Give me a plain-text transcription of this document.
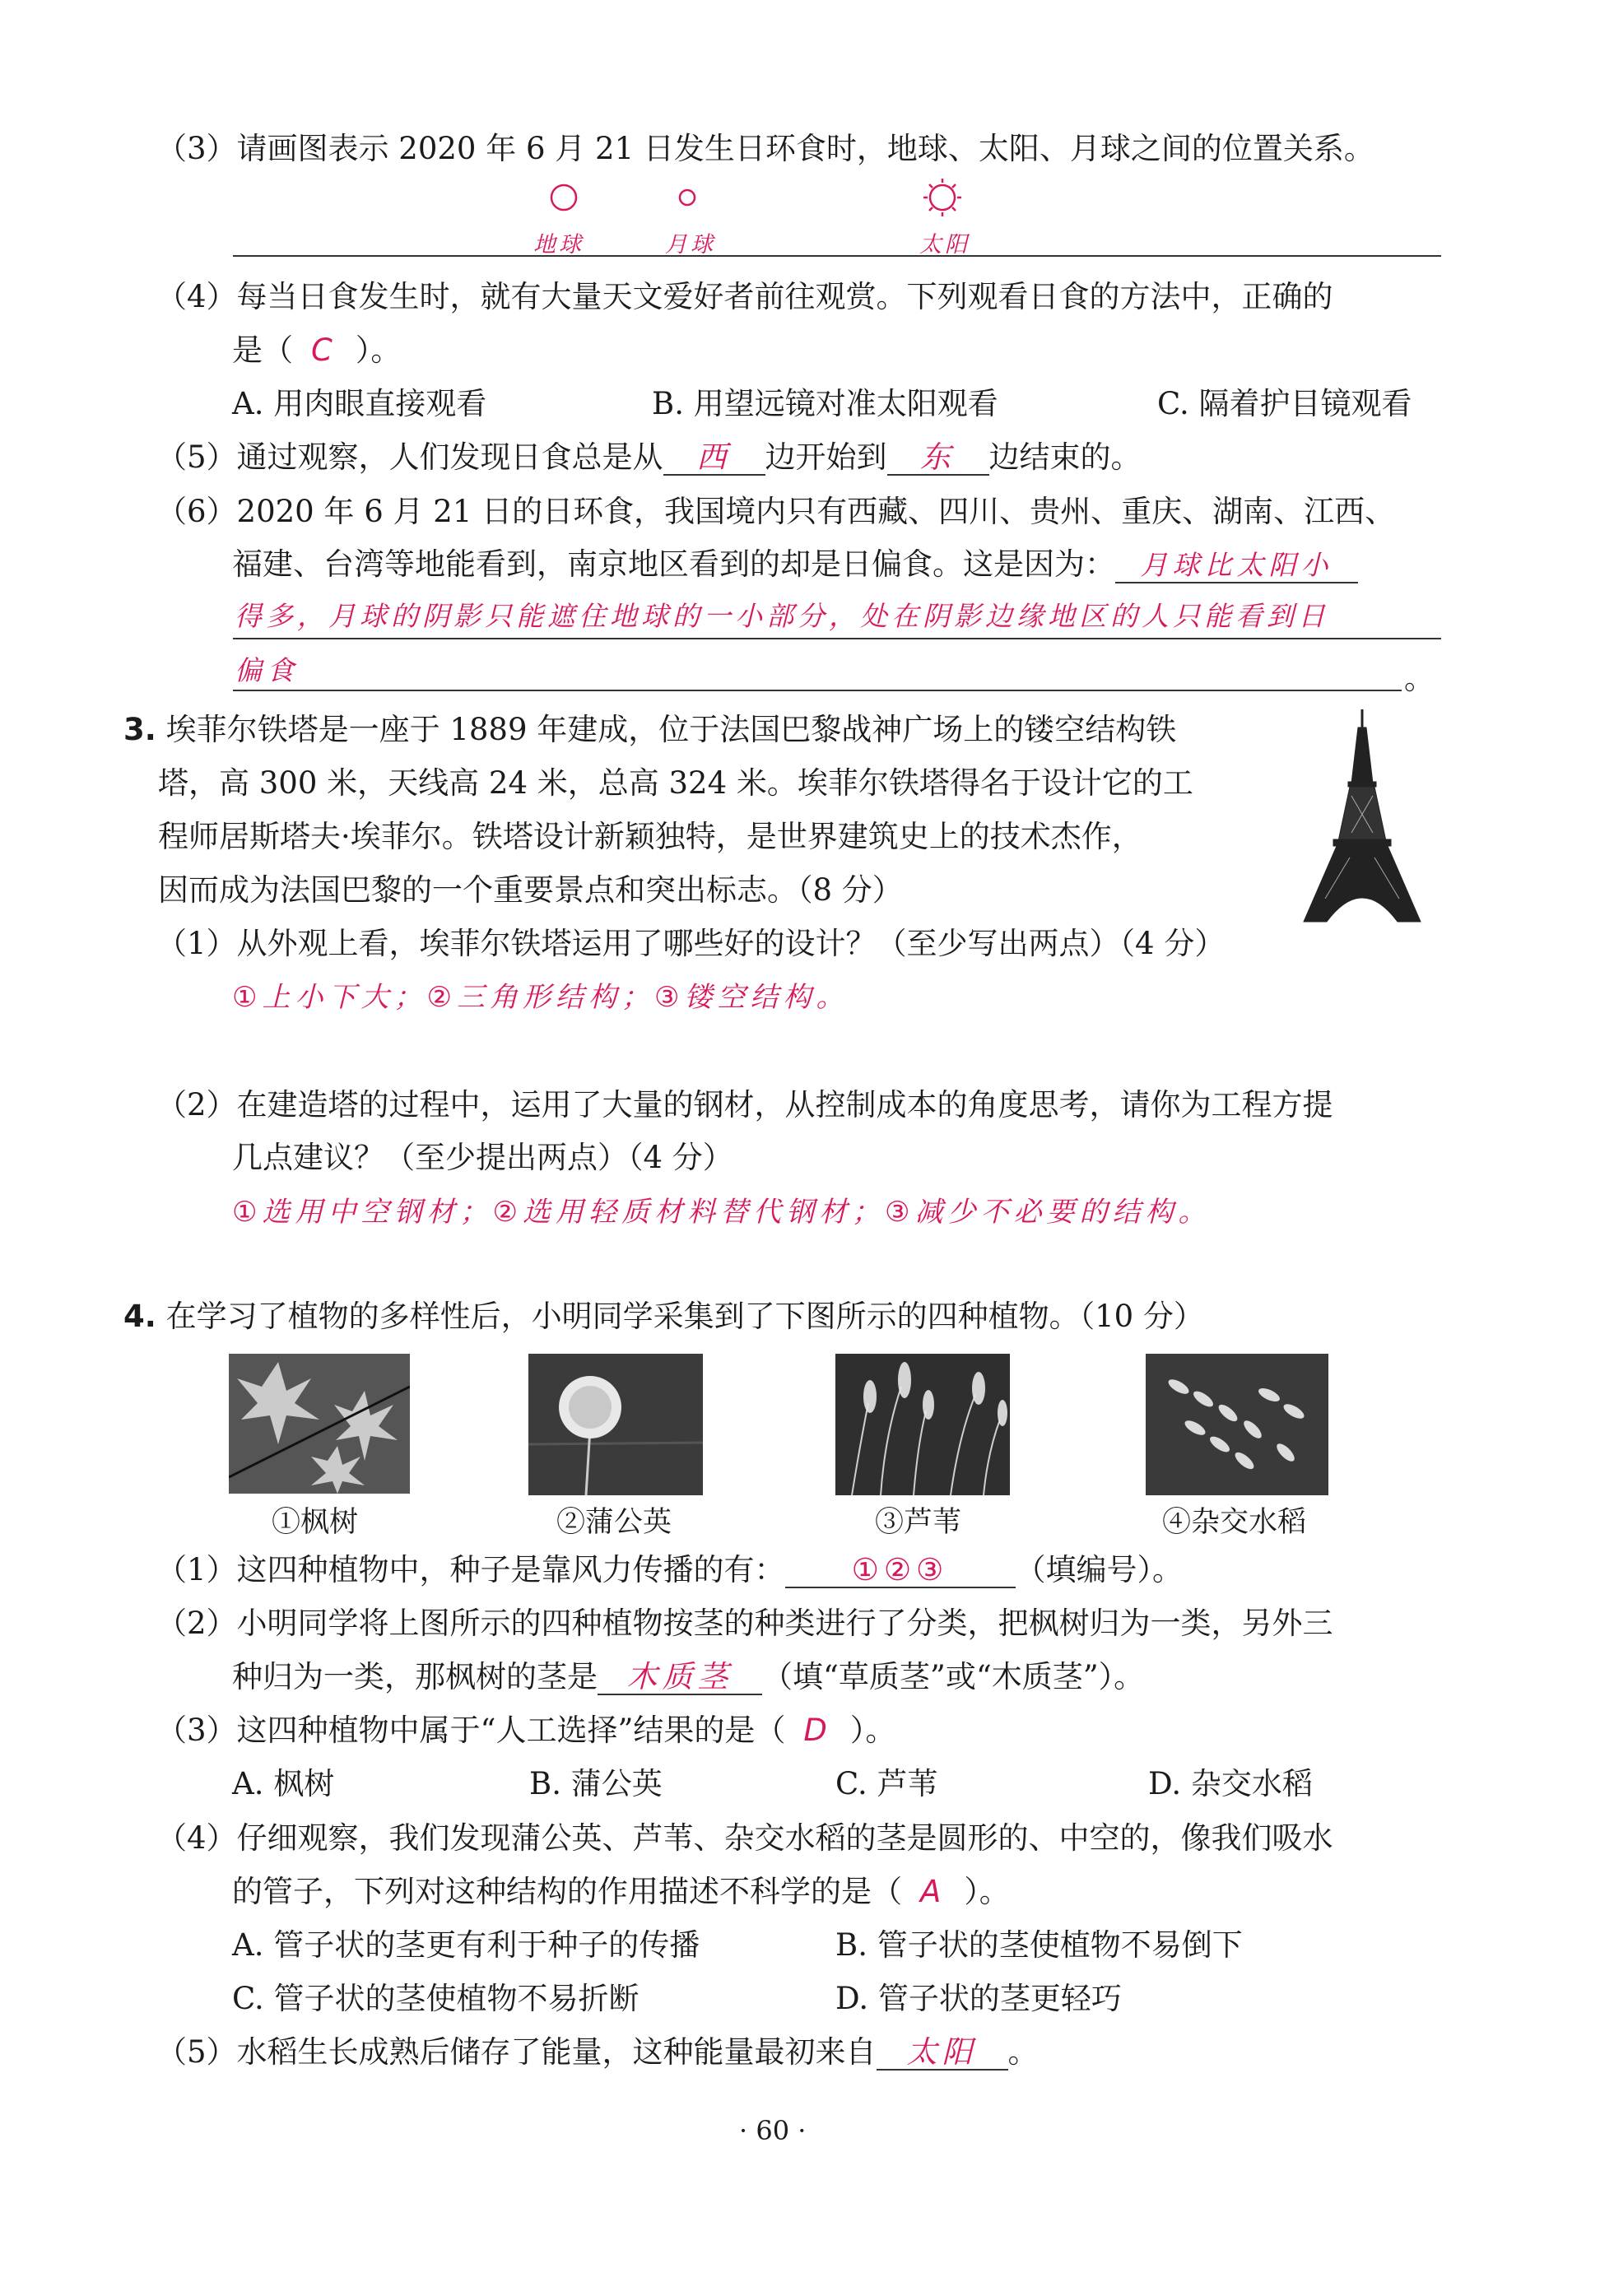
（3）请画图表示 2020 年 6 月 21 日发生日环食时，地球、太阳、月球之间的位置关系。
地球	月球	太阳
（4）每当日食发生时，就有大量天文爱好者前往观赏。下列观看日食的方法中，正确的
是（ C ）。
A. 用肉眼直接观看	B. 用望远镜对准太阳观看	C. 隔着护目镜观看
（5）通过观察，人们发现日食总是从 西 边开始到 东 边结束的。
（6）2020 年 6 月 21 日的日环食，我国境内只有西藏、四川、贵州、重庆、湖南、江西、
福建、台湾等地能看到，南京地区看到的却是日偏食。这是因为： 月球比太阳小
得多，月球的阴影只能遮住地球的一小部分，处在阴影边缘地区的人只能看到日
偏食	。
3. 埃菲尔铁塔是一座于 1889 年建成，位于法国巴黎战神广场上的镂空结构铁
塔，高 300 米，天线高 24 米，总高 324 米。埃菲尔铁塔得名于设计它的工
程师居斯塔夫·埃菲尔。铁塔设计新颖独特，是世界建筑史上的技术杰作，
因而成为法国巴黎的一个重要景点和突出标志。（8 分）
（1）从外观上看，埃菲尔铁塔运用了哪些好的设计？（至少写出两点）（4 分）
①上小下大；②三角形结构；③镂空结构。
（2）在建造塔的过程中，运用了大量的钢材，从控制成本的角度思考，请你为工程方提
几点建议？（至少提出两点）（4 分）
①选用中空钢材；②选用轻质材料替代钢材；③减少不必要的结构。
4. 在学习了植物的多样性后，小明同学采集到了下图所示的四种植物。（10 分）
①枫树	②蒲公英	③芦苇	④杂交水稻
（1）这四种植物中，种子是靠风力传播的有： ①②③ （填编号）。
（2）小明同学将上图所示的四种植物按茎的种类进行了分类，把枫树归为一类，另外三
种归为一类，那枫树的茎是 木质茎 （填“草质茎”或“木质茎”）。
（3）这四种植物中属于“人工选择”结果的是（ D ）。
A. 枫树	B. 蒲公英	C. 芦苇	D. 杂交水稻
（4）仔细观察，我们发现蒲公英、芦苇、杂交水稻的茎是圆形的、中空的，像我们吸水
的管子，下列对这种结构的作用描述不科学的是（ A ）。
A. 管子状的茎更有利于种子的传播	B. 管子状的茎使植物不易倒下
C. 管子状的茎使植物不易折断	D. 管子状的茎更轻巧
（5）水稻生长成熟后储存了能量，这种能量最初来自 太阳 。
· 60 ·
